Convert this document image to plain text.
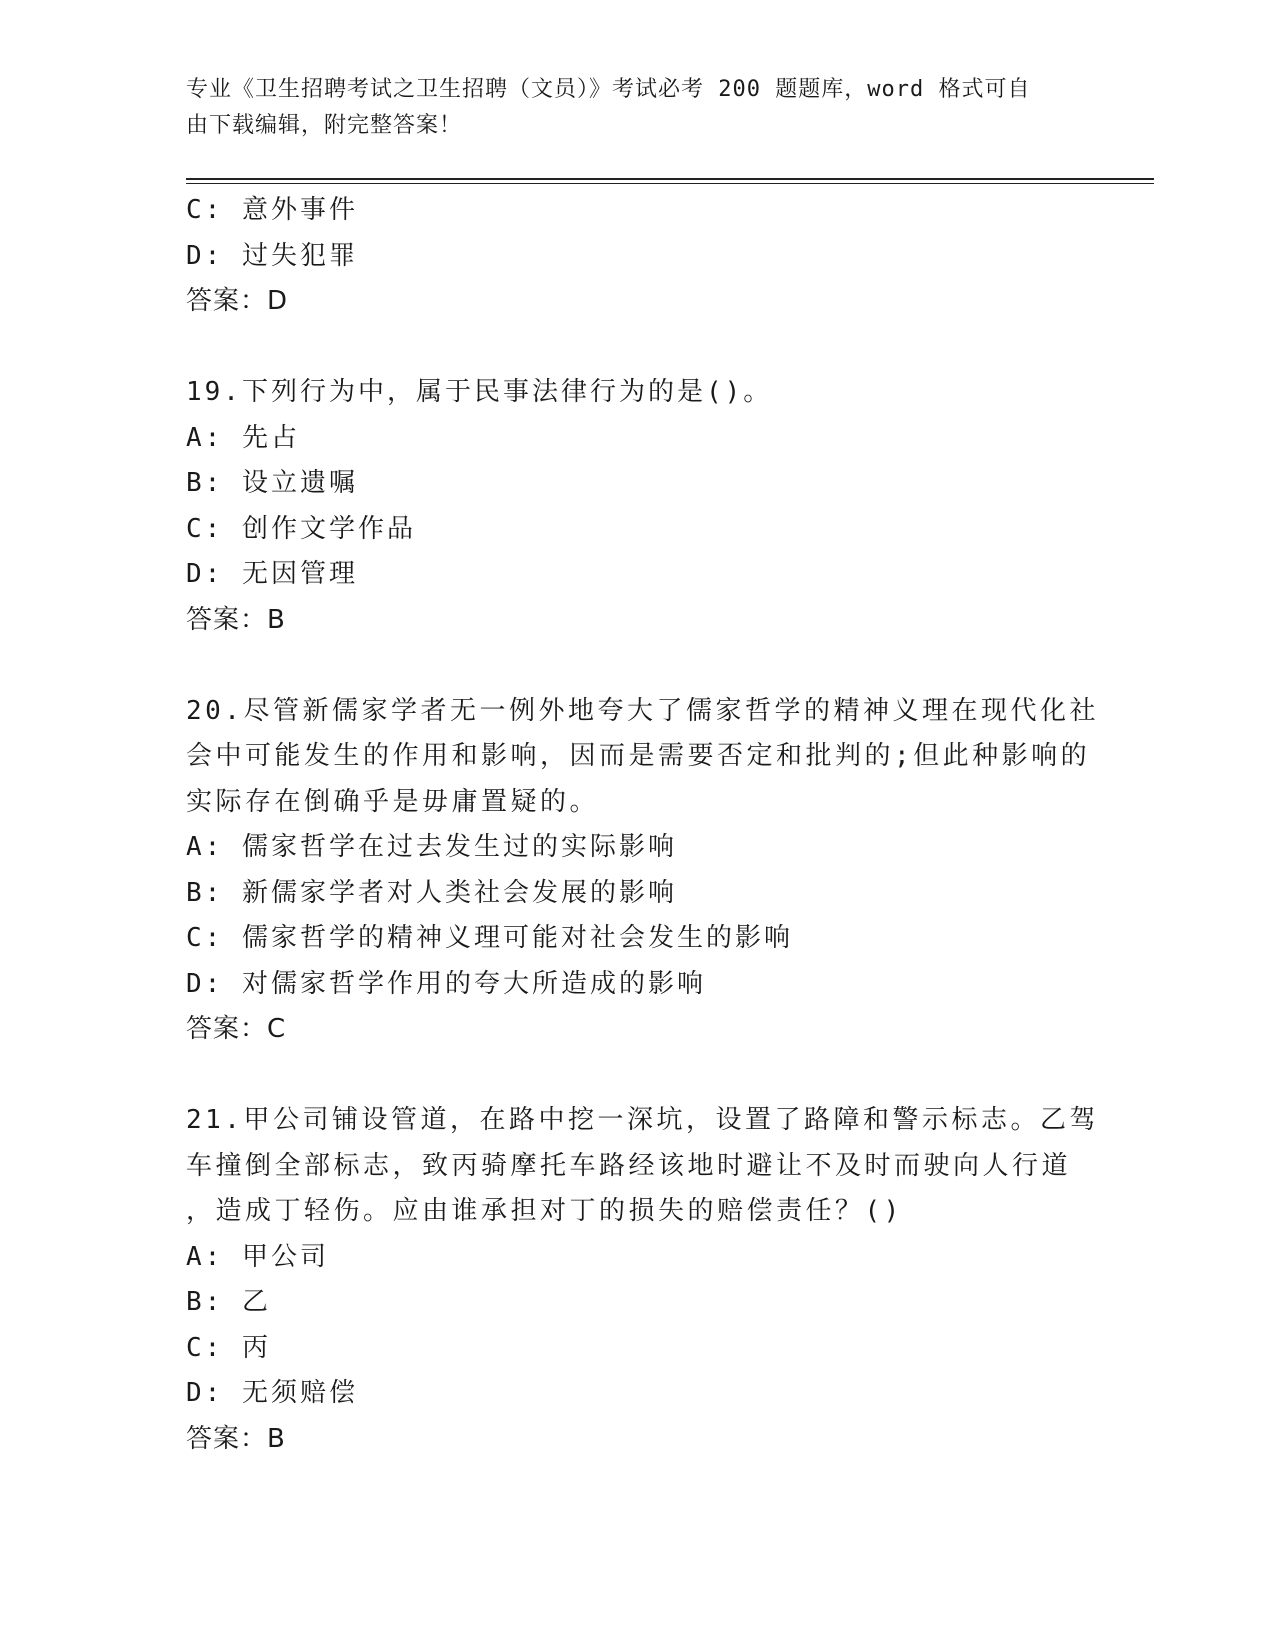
专业《卫生招聘考试之卫生招聘（文员）》考试必考 200 题题库，word 格式可自
由下载编辑，附完整答案！
C: 意外事件
D: 过失犯罪
答案：D
19.下列行为中，属于民事法律行为的是()。
A: 先占
B: 设立遗嘱
C: 创作文学作品
D: 无因管理
答案：B
20.尽管新儒家学者无一例外地夸大了儒家哲学的精神义理在现代化社
会中可能发生的作用和影响，因而是需要否定和批判的;但此种影响的
实际存在倒确乎是毋庸置疑的。
A: 儒家哲学在过去发生过的实际影响
B: 新儒家学者对人类社会发展的影响
C: 儒家哲学的精神义理可能对社会发生的影响
D: 对儒家哲学作用的夸大所造成的影响
答案：C
21.甲公司铺设管道，在路中挖一深坑，设置了路障和警示标志。乙驾
车撞倒全部标志，致丙骑摩托车路经该地时避让不及时而驶向人行道
，造成丁轻伤。应由谁承担对丁的损失的赔偿责任？()
A: 甲公司
B: 乙
C: 丙
D: 无须赔偿
答案：B
